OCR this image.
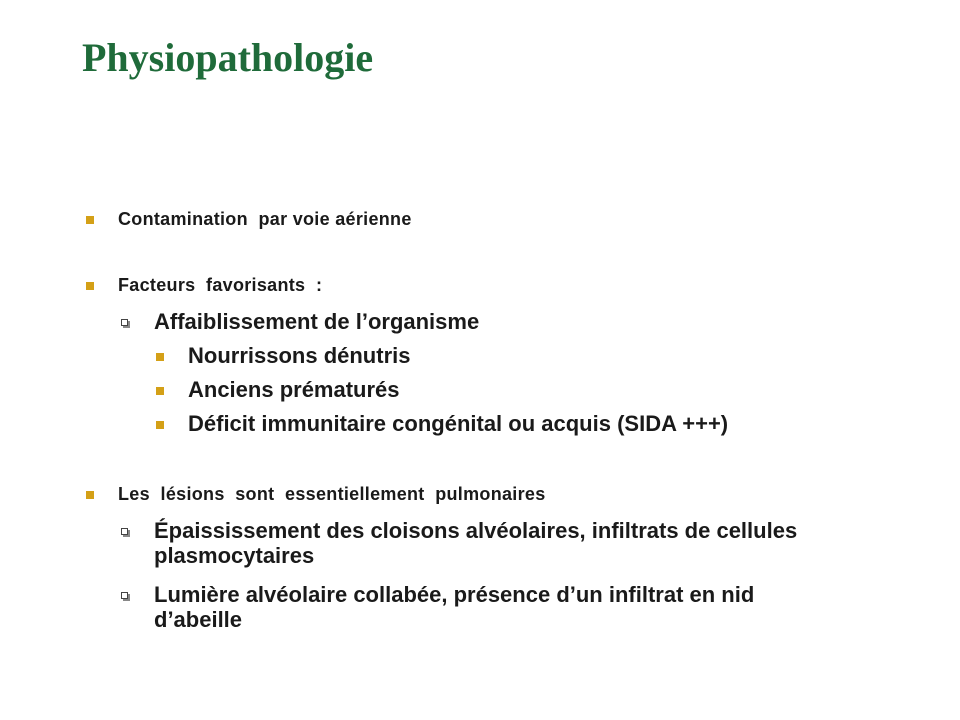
Physiopathologie
Contamination  par voie aérienne
Facteurs  favorisants  :
Affaiblissement de l’organisme
Nourrissons dénutris
Anciens prématurés
Déficit immunitaire congénital ou acquis (SIDA +++)
Les  lésions  sont  essentiellement  pulmonaires
Épaississement des cloisons alvéolaires, infiltrats de cellules plasmocytaires
Lumière alvéolaire collabée, présence d’un infiltrat en nid d’abeille
